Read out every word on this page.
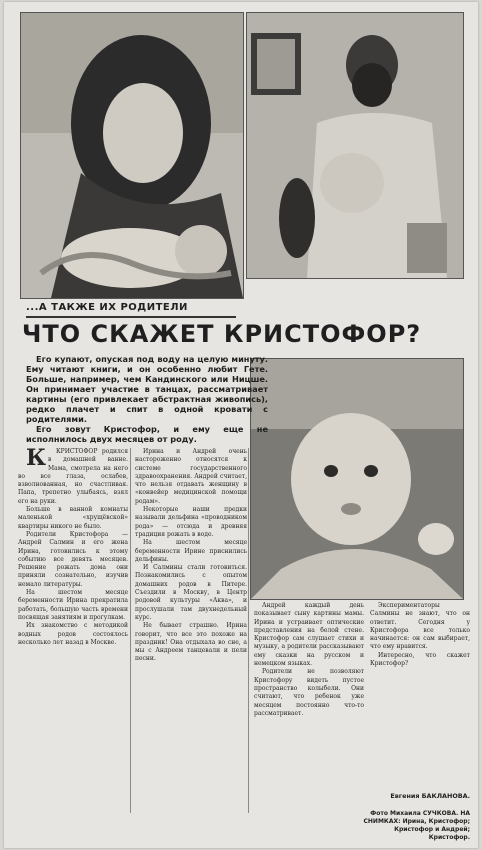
...А ТАКЖЕ ИХ РОДИТЕЛИ
ЧТО СКАЖЕТ КРИСТОФОР?

Его купают, опуская под воду на целую минуту. Ему читают книги, и он особенно любит Гете. Больше, например, чем Кандинского или Ницше. Он принимает участие в танцах, рассматривает картины (его привлекает абстрактная живопись), редко плачет и спит в одной кровати с родителями.

Его зовут Кристофор, и ему еще не исполнилось двух месяцев от роду.

К КРИСТОФОР родился в домашней ванне. Мама, смотрела на него во все глаза, ослабев, взволнованная, но счастливая. Папа, трепетно улыбаясь, взял его на руки.

Больше в ванной комнаты маленькой «хрущёвской» квартиры никого не было.

Родители Кристофора — Андрей Салмин и его жена Ирина, готовились к этому событию все девять месяцев. Решение рожать дома они приняли сознательно, изучив немало литературы.

На шестом месяце беременности Ирина прекратила работать, большую часть времени посвящая занятиям и прогулкам.

Их знакомство с методикой водных родов состоялось несколько лет назад в Москве.

Ирина и Андрей очень настороженно относятся к системе государственного здравоохранения. Андрей считает, что нельзя отдавать женщину в «конвейер медицинской помощи родам».

Некоторые наши предки называли дельфина «проводником рода» — отсюда и древняя традиция рожать в воде.

На шестом месяце беременности Ирине приснились дельфины.

И Салмины стали готовиться. Познакомились с опытом домашних родов в Питере. Съездили в Москву, в Центр родовой культуры «Аква», и прослушали там двухнедельный курс.

Не бывает страшно. Ирина говорит, что все это похоже на праздник! Она отдыхала во сне, а мы с Андреем танцевали и пели песни.

Андрей каждый день показывает сыну картины мамы. Ирина и устраивает оптические представления на белой стене. Кристофор сам слушает стихи и музыку, а родители рассказывают ему сказки на русском и немецком языках.

Родители не позволяют Кристофору видеть пустое пространство колыбели. Они считают, что ребенок уже месяцем постоянно что-то рассматривает.

Экспериментаторы Салмины не знают, что он ответит. Сегодня у Кристофора все только начинается: он сам выбирает, что ему нравится.

Интересно, что скажет Кристофор?

Евгения БАКЛАНОВА.
Фото Михаила СУЧКОВА. НА СНИМКАХ: Ирина, Кристофор; Кристофор и Андрей; Кристофор.
